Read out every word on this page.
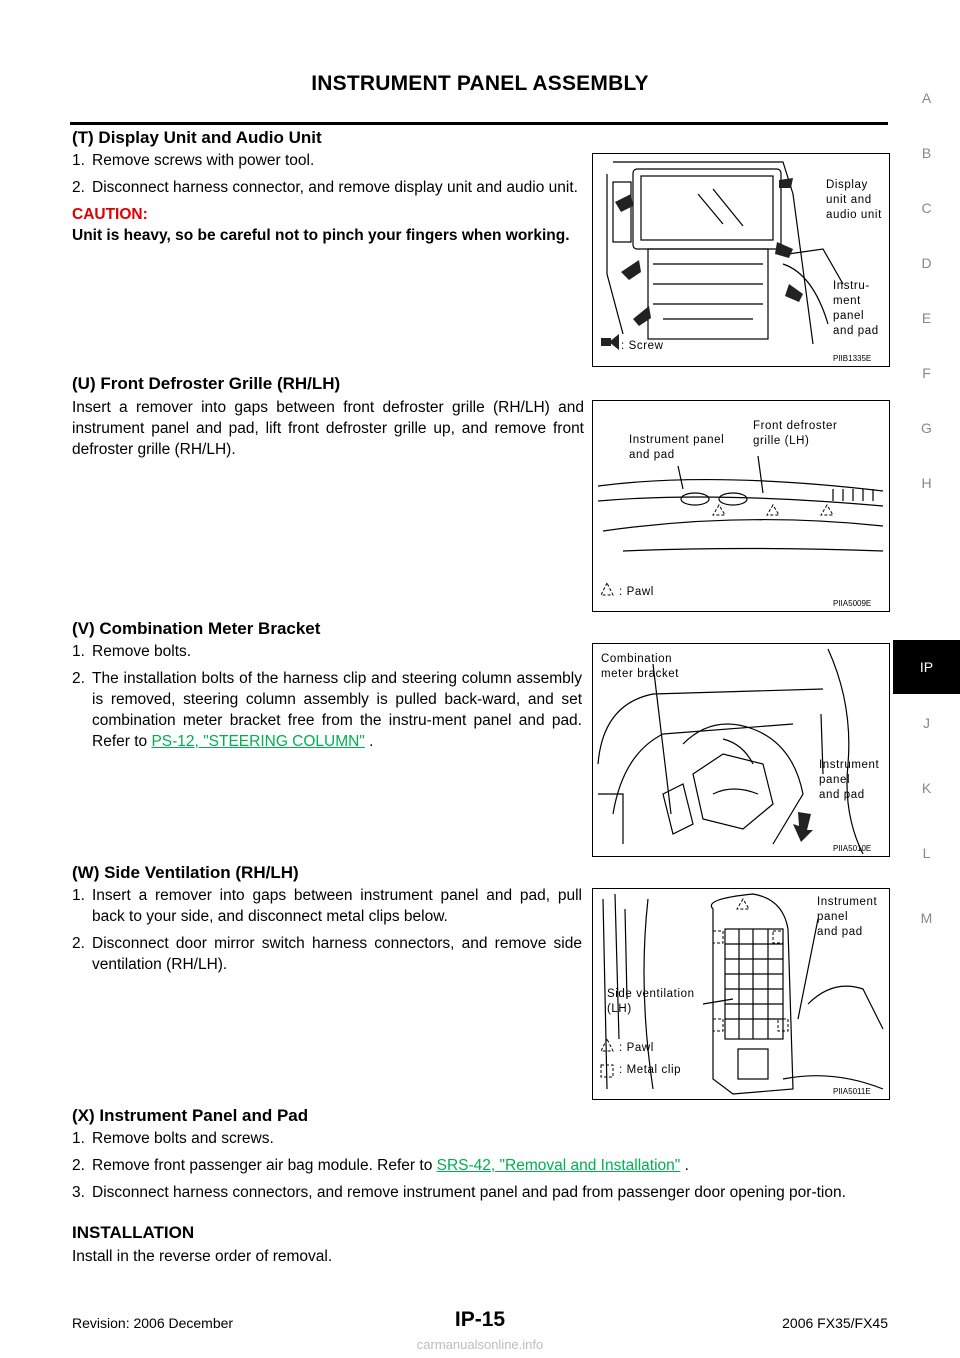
INSTRUMENT PANEL ASSEMBLY
A
B
C
D
E
F
G
H
IP
J
K
L
M
(T) Display Unit and Audio Unit
1. Remove screws with power tool.
2. Disconnect harness connector, and remove display unit and audio unit.

CAUTION:

Unit is heavy, so be careful not to pinch your fingers when working.

Display
unit and
audio unit
Instru-
ment
panel
and pad
: Screw
PIIB1335E
(U) Front Defroster Grille (RH/LH)

Insert a remover into gaps between front defroster grille (RH/LH) and instrument panel and pad, lift front defroster grille up, and remove front defroster grille (RH/LH).

Instrument panel
and pad
Front defroster
grille (LH)
: Pawl
PIIA5009E
(V) Combination Meter Bracket
1. Remove bolts.
2. The installation bolts of the harness clip and steering column assembly is removed, steering column assembly is pulled back-ward, and set combination meter bracket free from the instru-ment panel and pad. Refer to PS-12, "STEERING COLUMN" .
Combination
meter bracket
Instrument
panel
and pad
PIIA5010E
(W) Side Ventilation (RH/LH)
1. Insert a remover into gaps between instrument panel and pad, pull back to your side, and disconnect metal clips below.
2. Disconnect door mirror switch harness connectors, and remove side ventilation (RH/LH).
Instrument
panel
and pad
Side ventilation
(LH)
: Pawl
: Metal clip
PIIA5011E
(X) Instrument Panel and Pad
1. Remove bolts and screws.
2. Remove front passenger air bag module. Refer to SRS-42, "Removal and Installation" .
3. Disconnect harness connectors, and remove instrument panel and pad from passenger door opening por-tion.
INSTALLATION

Install in the reverse order of removal.

Revision: 2006 December	IP-15	2006 FX35/FX45
carmanualsonline.info
